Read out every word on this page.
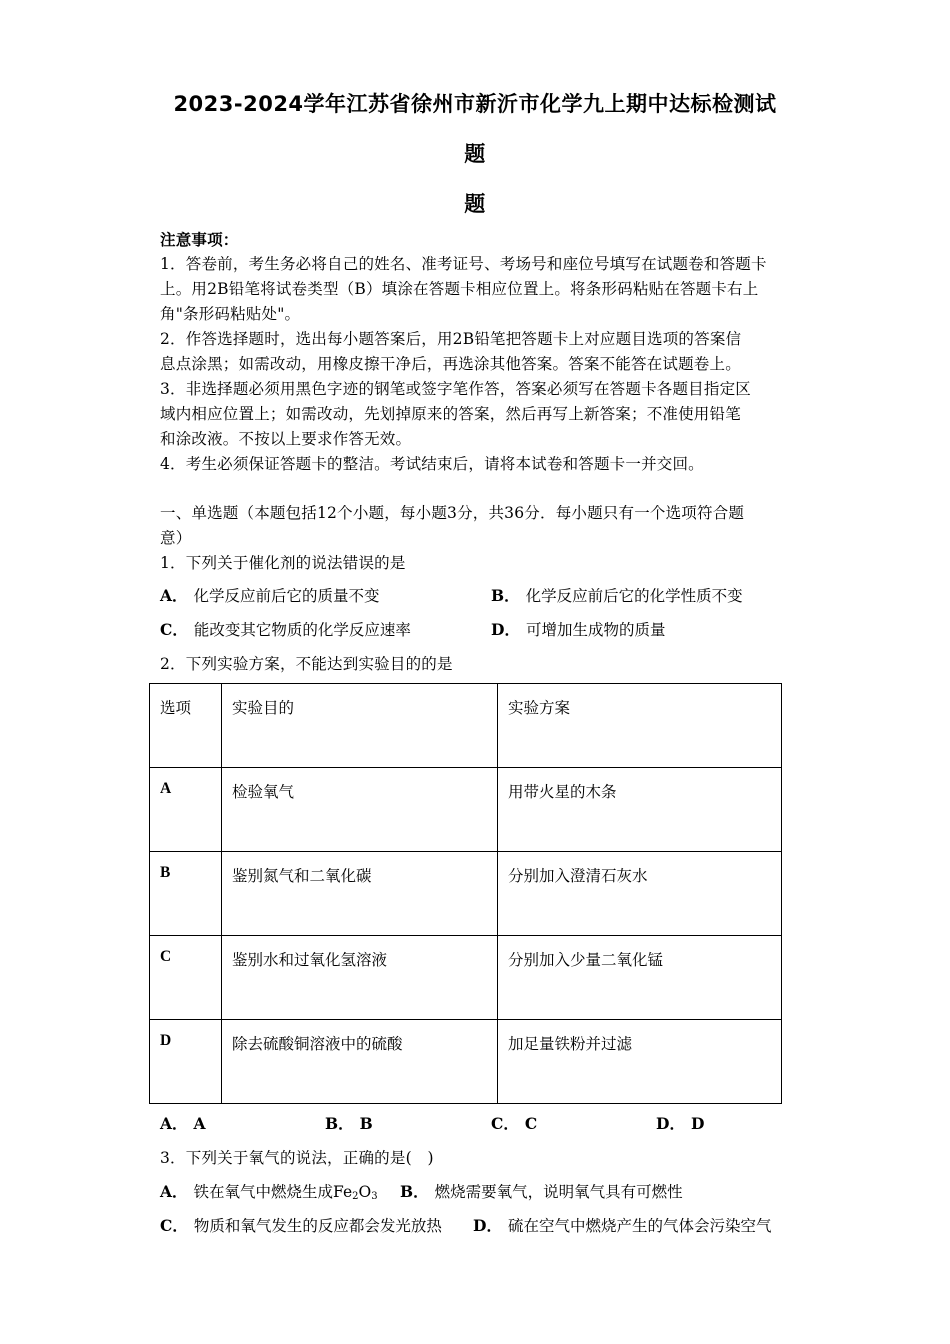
2023-2024学年江苏省徐州市新沂市化学九上期中达标检测试
题
题
注意事项：
1．答卷前，考生务必将自己的姓名、准考证号、考场号和座位号填写在试题卷和答题卡
上。用2B铅笔将试卷类型（B）填涂在答题卡相应位置上。将条形码粘贴在答题卡右上
角"条形码粘贴处"。
2．作答选择题时，选出每小题答案后，用2B铅笔把答题卡上对应题目选项的答案信
息点涂黑；如需改动，用橡皮擦干净后，再选涂其他答案。答案不能答在试题卷上。
3．非选择题必须用黑色字迹的钢笔或签字笔作答，答案必须写在答题卡各题目指定区
域内相应位置上；如需改动，先划掉原来的答案，然后再写上新答案；不准使用铅笔
和涂改液。不按以上要求作答无效。
4．考生必须保证答题卡的整洁。考试结束后，请将本试卷和答题卡一并交回。
一、单选题（本题包括12个小题，每小题3分，共36分．每小题只有一个选项符合题
意）
1．下列关于催化剂的说法错误的是
A． 化学反应前后它的质量不变	B． 化学反应前后它的化学性质不变
C． 能改变其它物质的化学反应速率	D． 可增加生成物的质量
2．下列实验方案，不能达到实验目的的是
选项	实验目的	实验方案
A	检验氧气	用带火星的木条
B	鉴别氮气和二氧化碳	分别加入澄清石灰水
C	鉴别水和过氧化氢溶液	分别加入少量二氧化锰
D	除去硫酸铜溶液中的硫酸	加足量铁粉并过滤
A． A	B． B	C． C	D． D
3．下列关于氧气的说法，正确的是(　)
A． 铁在氧气中燃烧生成$Fe_2O_3$ B． 燃烧需要氧气，说明氧气具有可燃性
C． 物质和氧气发生的反应都会发光放热 D． 硫在空气中燃烧产生的气体会污染空气
